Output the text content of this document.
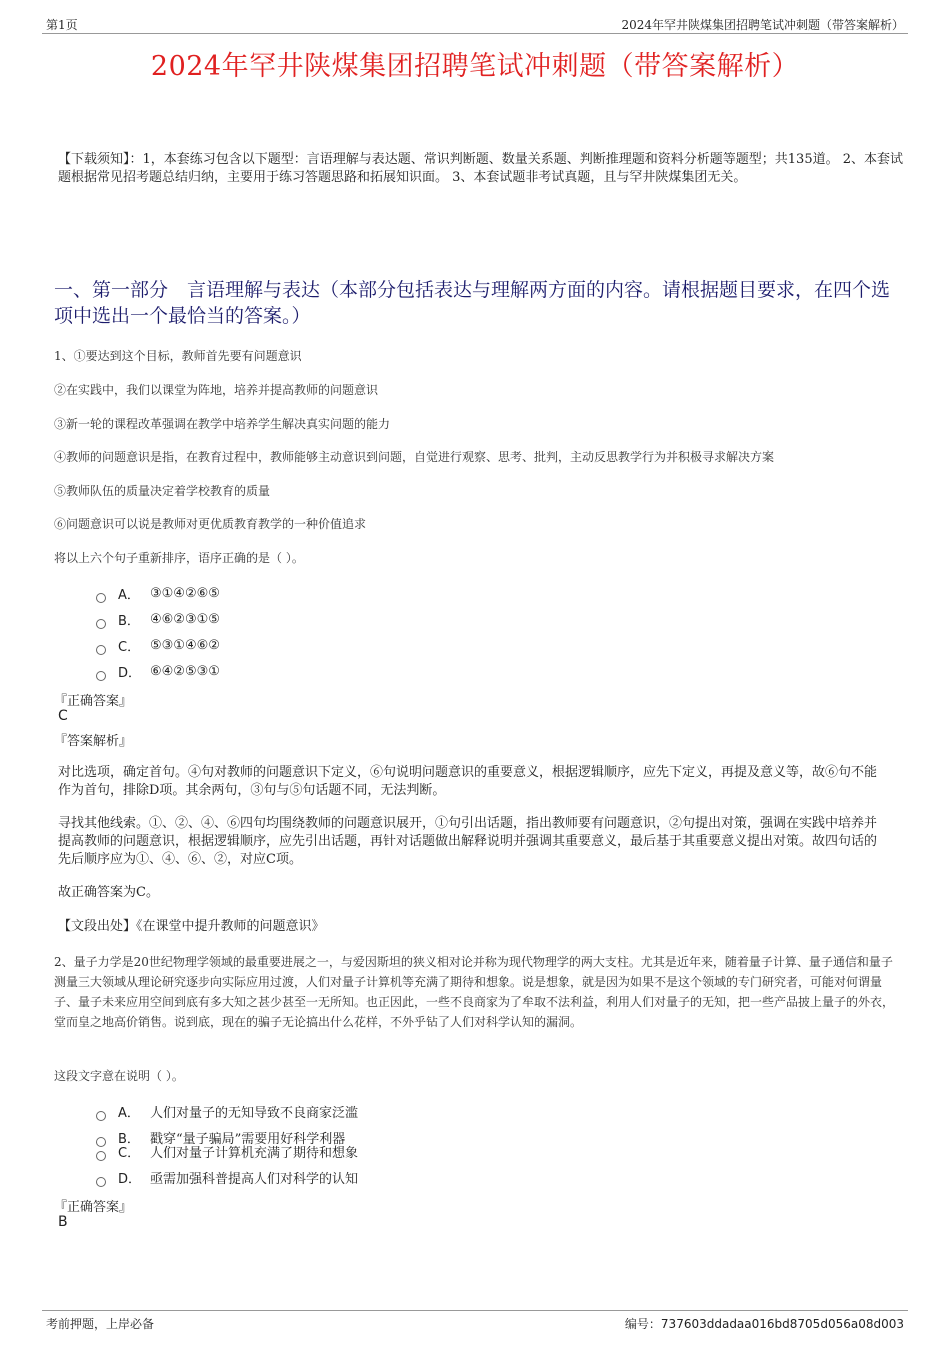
第1页	2024年罕井陕煤集团招聘笔试冲刺题（带答案解析）
2024年罕井陕煤集团招聘笔试冲刺题（带答案解析）
【下载须知】：1，本套练习包含以下题型：言语理解与表达题、常识判断题、数量关系题、判断推理题和资料分析题等题型；共135道。 2、本套试题根据常见招考题总结归纳，主要用于练习答题思路和拓展知识面。 3、本套试题非考试真题，且与罕井陕煤集团无关。
一、第一部分　言语理解与表达（本部分包括表达与理解两方面的内容。请根据题目要求，在四个选项中选出一个最恰当的答案。）
1、①要达到这个目标，教师首先要有问题意识
②在实践中，我们以课堂为阵地，培养并提高教师的问题意识
③新一轮的课程改革强调在教学中培养学生解决真实问题的能力
④教师的问题意识是指，在教育过程中，教师能够主动意识到问题，自觉进行观察、思考、批判，主动反思教学行为并积极寻求解决方案
⑤教师队伍的质量决定着学校教育的质量
⑥问题意识可以说是教师对更优质教育教学的一种价值追求
将以上六个句子重新排序，语序正确的是（ ）。
A． ③①④②⑥⑤
B． ④⑥②③①⑤
C． ⑤③①④⑥②
D． ⑥④②⑤③①
『正确答案』
C
『答案解析』
对比选项，确定首句。④句对教师的问题意识下定义，⑥句说明问题意识的重要意义，根据逻辑顺序，应先下定义，再提及意义等，故⑥句不能作为首句，排除D项。其余两句，③句与⑤句话题不同，无法判断。
寻找其他线索。①、②、④、⑥四句均围绕教师的问题意识展开，①句引出话题，指出教师要有问题意识，②句提出对策，强调在实践中培养并提高教师的问题意识，根据逻辑顺序，应先引出话题，再针对话题做出解释说明并强调其重要意义，最后基于其重要意义提出对策。故四句话的先后顺序应为①、④、⑥、②，对应C项。
故正确答案为C。
【文段出处】《在课堂中提升教师的问题意识》
2、量子力学是20世纪物理学领域的最重要进展之一，与爱因斯坦的狭义相对论并称为现代物理学的两大支柱。尤其是近年来，随着量子计算、量子通信和量子测量三大领域从理论研究逐步向实际应用过渡，人们对量子计算机等充满了期待和想象。说是想象，就是因为如果不是这个领域的专门研究者，可能对何谓量子、量子未来应用空间到底有多大知之甚少甚至一无所知。也正因此，一些不良商家为了牟取不法利益，利用人们对量子的无知，把一些产品披上量子的外衣，堂而皇之地高价销售。说到底，现在的骗子无论搞出什么花样，不外乎钻了人们对科学认知的漏洞。
这段文字意在说明（ ）。
A． 人们对量子的无知导致不良商家泛滥
B． 戳穿“量子骗局”需要用好科学利器
C． 人们对量子计算机充满了期待和想象
D． 亟需加强科普提高人们对科学的认知
『正确答案』
B
考前押题，上岸必备	编号：737603ddadaa016bd8705d056a08d003
